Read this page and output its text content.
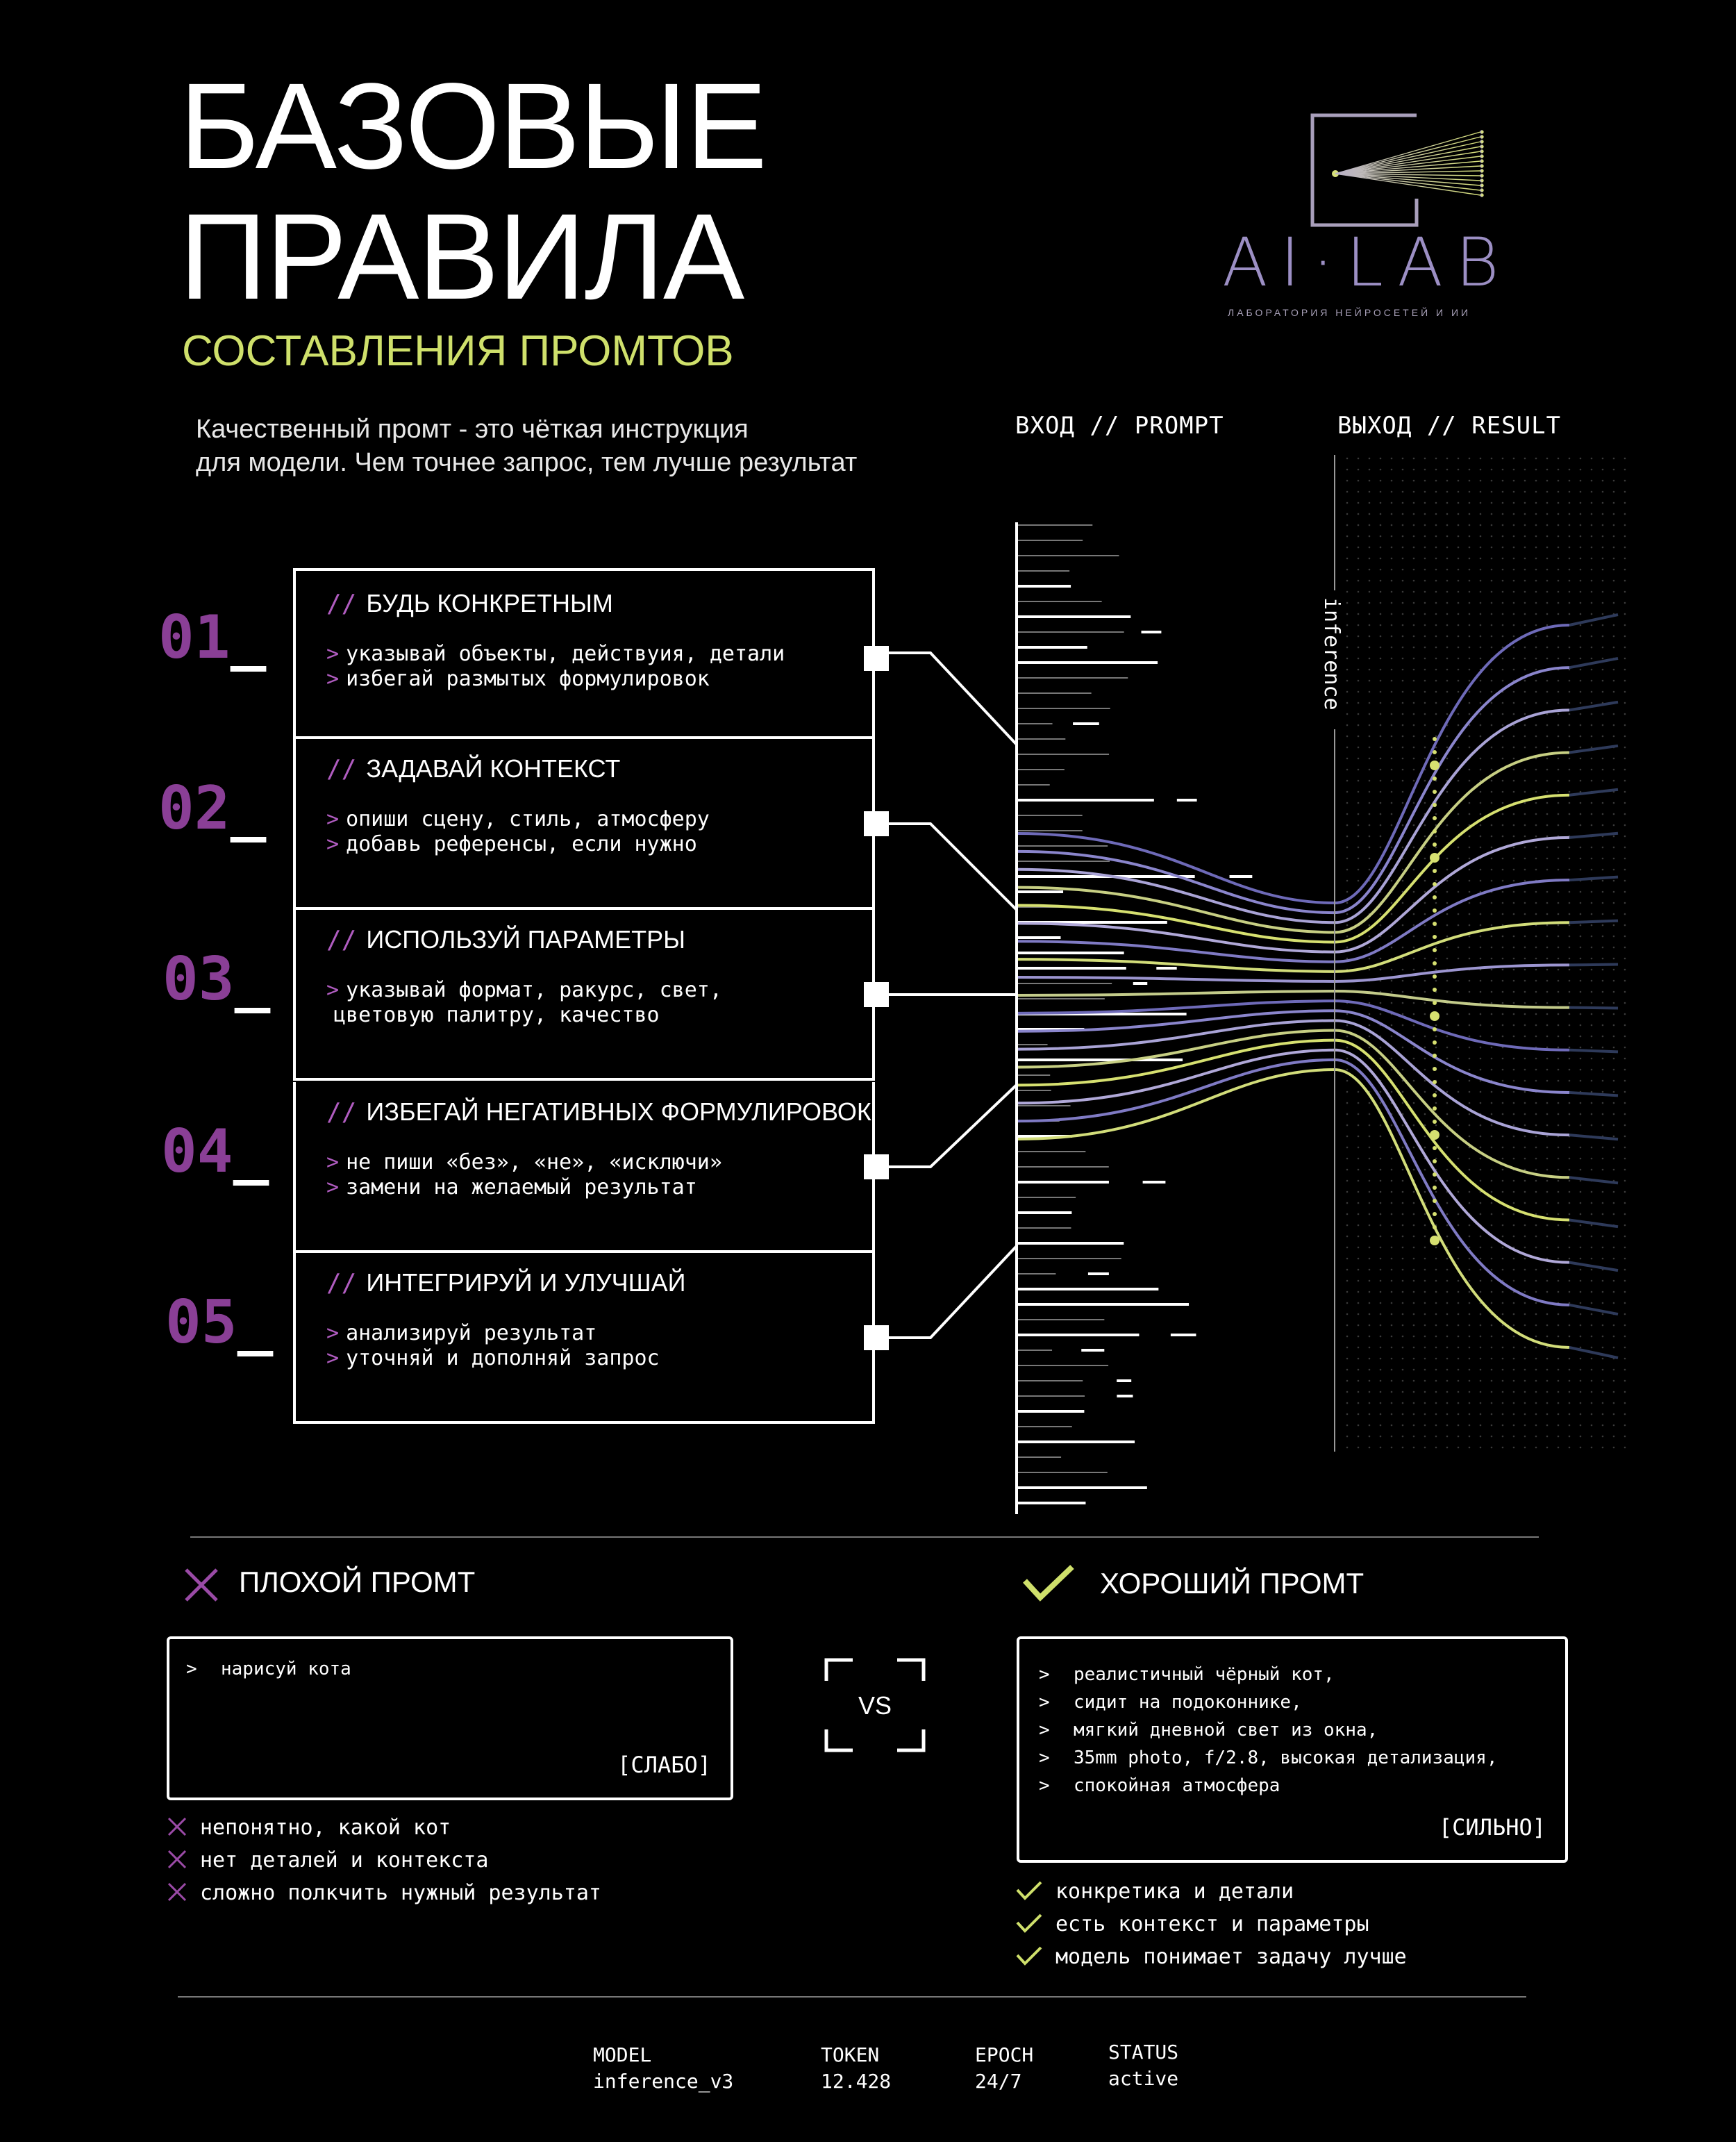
БАЗОВЫЕ
ПРАВИЛА
СОСТАВЛЕНИЯ ПРОМТОВ
Качественный промт - это чёткая инструкция
для модели. Чем точнее запрос, тем лучше результат
AI·LAB
ЛАБОРАТОРИЯ НЕЙРОСЕТЕЙ И ИИ
ВХОД // PROMPT	ВЫХОД // RESULT
inference
01_ // БУДЬ КОНКРЕТНЫМ
> указывай объекты, действуия, детали
> избегай размытых формулировок
02_
// ЗАДАВАЙ КОНТЕКСТ
> опиши сцену, стиль, атмосферу
> добавь референсы, если нужно
03_
// ИСПОЛЬЗУЙ ПАРАМЕТРЫ
> указывай формат, ракурс, свет,
цветовую палитру, качество
04_
// ИЗБЕГАЙ НЕГАТИВНЫХ ФОРМУЛИРОВОК
> не пиши «без», «не», «исключи»
> замени на желаемый результат
05_
// ИНТЕГРИРУЙ И УЛУЧШАЙ
> анализируй результат
> уточняй и дополняй запрос
ПЛОХОЙ ПРОМТ
> нарисуй кота
[СЛАБО]
непонятно, какой кот
нет деталей и контекста
сложно полкчить нужный результат
VS
ХОРОШИЙ ПРОМТ
> реалистичный чёрный кот,
> сидит на подоконнике,
> мягкий дневной свет из окна,
> 35mm photo, f/2.8, высокая детализация,
> спокойная атмосфера
[СИЛЬНО]
конкретика и детали
есть контекст и параметры
модель понимает задачу лучше
MODEL
inference_v3
TOKEN
12.428
EPOCH
24/7
STATUS
active
